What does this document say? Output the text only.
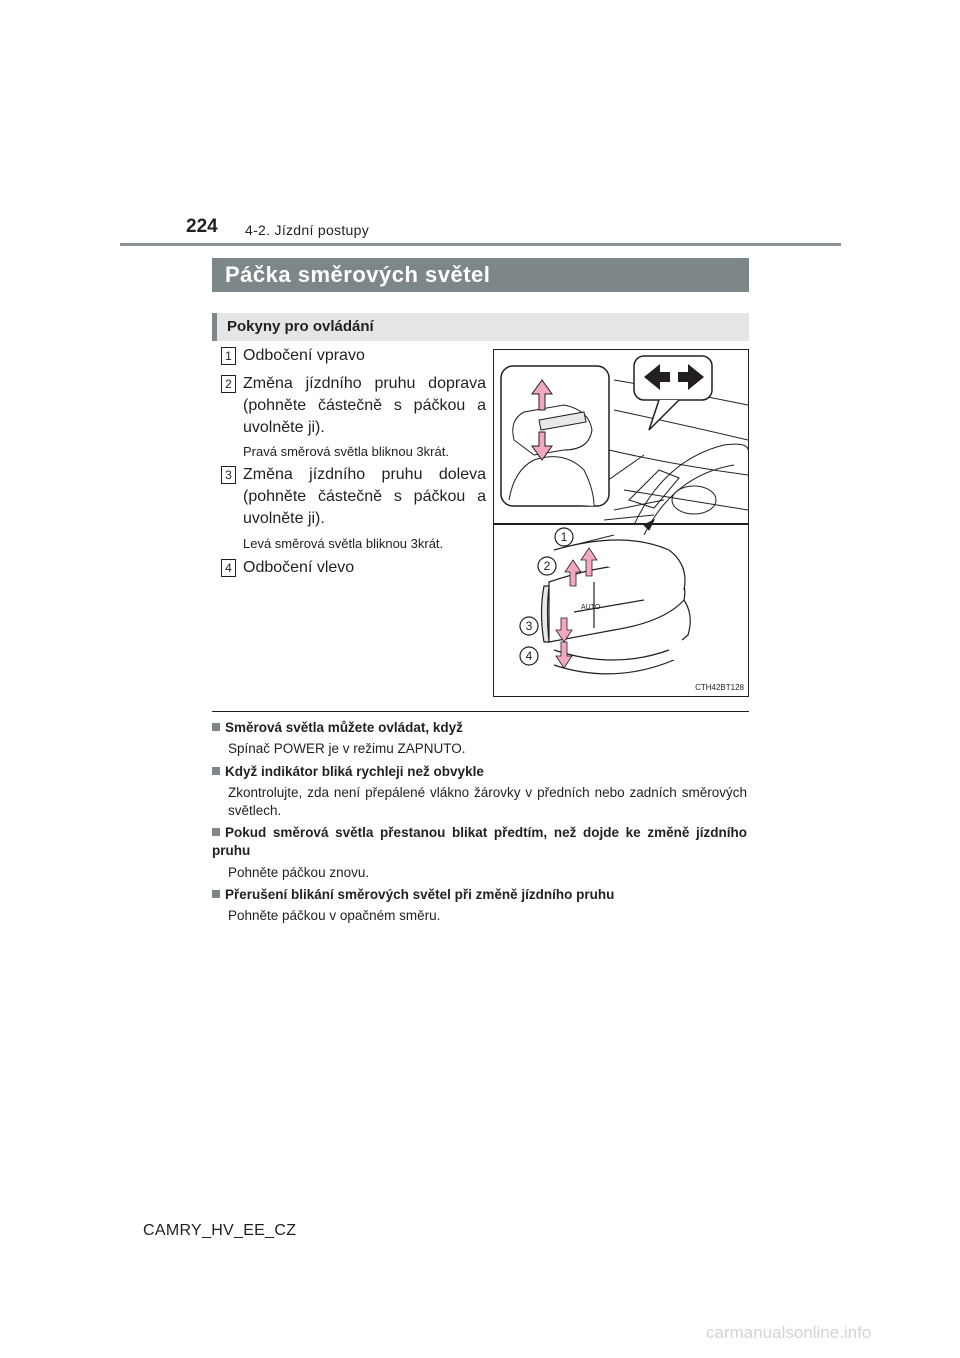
224 4-2. Jízdní postupy
Páčka směrových světel
Pokyny pro ovládání
1 Odbočení vpravo
2 Změna jízdního pruhu doprava (pohněte částečně s páčkou a uvolněte ji).
Pravá směrová světla bliknou 3krát.
3 Změna jízdního pruhu doleva (pohněte částečně s páčkou a uvolněte ji).
Levá směrová světla bliknou 3krát.
4 Odbočení vlevo
AUTO
1
2
3
4
CTH42BT128
Směrová světla můžete ovládat, když
Spínač POWER je v režimu ZAPNUTO.
Když indikátor bliká rychleji než obvykle
Zkontrolujte, zda není přepálené vlákno žárovky v předních nebo zadních směrových světlech.
Pokud směrová světla přestanou blikat předtím, než dojde ke změně jízdního pruhu
Pohněte páčkou znovu.
Přerušení blikání směrových světel při změně jízdního pruhu
Pohněte páčkou v opačném směru.
CAMRY_HV_EE_CZ
carmanualsonline.info
